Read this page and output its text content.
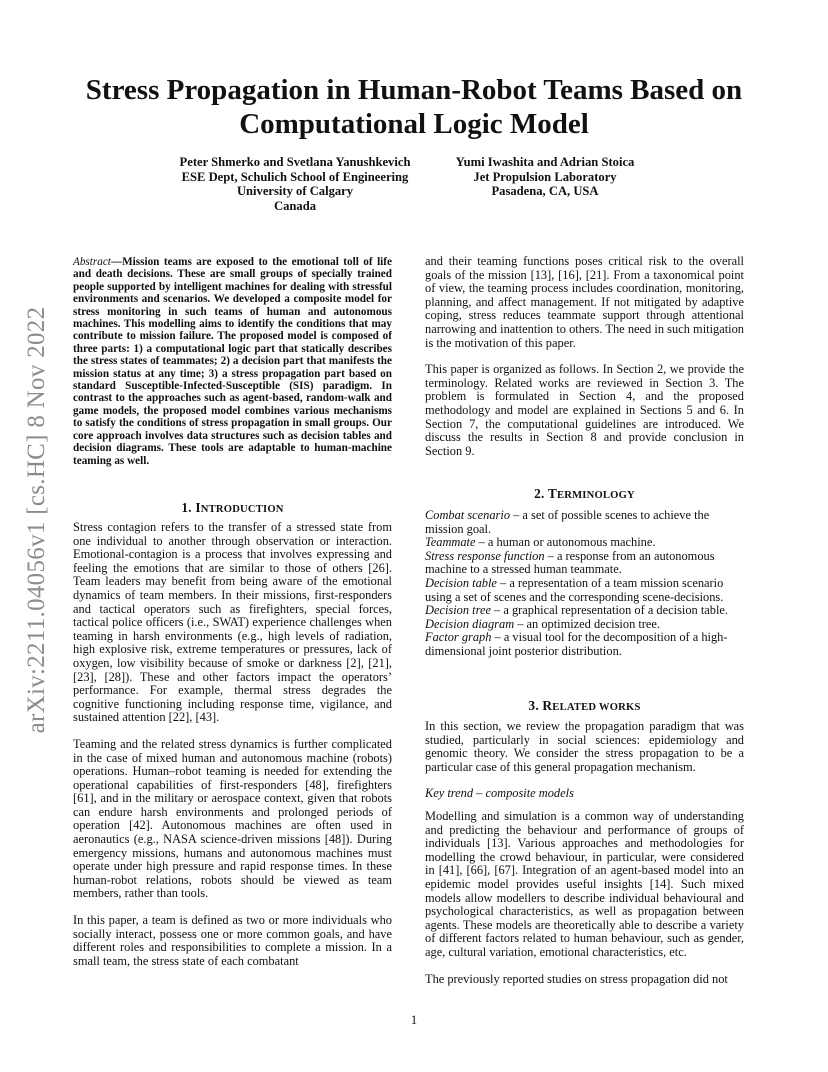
arXiv:2211.04056v1 [cs.HC] 8 Nov 2022
Stress Propagation in Human-Robot Teams Based on
Computational Logic Model
Peter Shmerko and Svetlana Yanushkevich
ESE Dept, Schulich School of Engineering
University of Calgary
Canada
Yumi Iwashita and Adrian Stoica
Jet Propulsion Laboratory
Pasadena, CA, USA

Abstract—Mission teams are exposed to the emotional toll of life and death decisions. These are small groups of specially trained people supported by intelligent machines for dealing with stressful environments and scenarios. We developed a composite model for stress monitoring in such teams of human and autonomous machines. This modelling aims to identify the conditions that may contribute to mission failure. The proposed model is composed of three parts: 1) a computational logic part that statically describes the stress states of teammates; 2) a decision part that manifests the mission status at any time; 3) a stress propagation part based on standard Susceptible-Infected-Susceptible (SIS) paradigm. In contrast to the approaches such as agent-based, random-walk and game models, the proposed model combines various mechanisms to satisfy the conditions of stress propagation in small groups. Our core approach involves data structures such as decision tables and decision diagrams. These tools are adaptable to human-machine teaming as well.

1. INTRODUCTION

Stress contagion refers to the transfer of a stressed state from one individual to another through observation or interaction. Emotional-contagion is a process that involves expressing and feeling the emotions that are similar to those of others [26]. Team leaders may benefit from being aware of the emotional dynamics of team members. In their missions, first-responders and tactical operators such as firefighters, special forces, tactical police officers (i.e., SWAT) experience challenges when teaming in harsh environments (e.g., high levels of radiation, high explosive risk, extreme temperatures or pressures, lack of oxygen, low visibility because of smoke or darkness [2], [21], [23], [28]). These and other factors impact the operators’ performance. For example, thermal stress degrades the cognitive functioning including response time, vigilance, and sustained attention [22], [43].

Teaming and the related stress dynamics is further complicated in the case of mixed human and autonomous machine (robots) operations. Human–robot teaming is needed for extending the operational capabilities of first-responders [48], firefighters [61], and in the military or aerospace context, given that robots can endure harsh environments and prolonged periods of operation [42]. Autonomous machines are often used in aeronautics (e.g., NASA science-driven missions [48]). During emergency missions, humans and autonomous machines must operate under high pressure and rapid response times. In these human-robot relations, robots should be viewed as team members, rather than tools.

In this paper, a team is defined as two or more individuals who socially interact, possess one or more common goals, and have different roles and responsibilities to complete a mission. In a small team, the stress state of each combatant

and their teaming functions poses critical risk to the overall goals of the mission [13], [16], [21]. From a taxonomical point of view, the teaming process includes coordination, monitoring, planning, and affect management. If not mitigated by adaptive coping, stress reduces teammate support through attentional narrowing and inattention to others. The need in such mitigation is the motivation of this paper.

This paper is organized as follows. In Section 2, we provide the terminology. Related works are reviewed in Section 3. The problem is formulated in Section 4, and the proposed methodology and model are explained in Sections 5 and 6. In Section 7, the computational guidelines are introduced. We discuss the results in Section 8 and provide conclusion in Section 9.

2. TERMINOLOGY

Combat scenario – a set of possible scenes to achieve the mission goal.

Teammate – a human or autonomous machine.

Stress response function – a response from an autonomous machine to a stressed human teammate.

Decision table – a representation of a team mission scenario using a set of scenes and the corresponding scene-decisions.

Decision tree – a graphical representation of a decision table.

Decision diagram – an optimized decision tree.

Factor graph – a visual tool for the decomposition of a high-dimensional joint posterior distribution.

3. RELATED WORKS

In this section, we review the propagation paradigm that was studied, particularly in social sciences: epidemiology and genomic theory. We consider the stress propagation to be a particular case of this general propagation mechanism.

Key trend – composite models

Modelling and simulation is a common way of understanding and predicting the behaviour and performance of groups of individuals [13]. Various approaches and methodologies for modelling the crowd behaviour, in particular, were considered in [41], [66], [67]. Integration of an agent-based model into an epidemic model provides useful insights [14]. Such mixed models allow modellers to describe individual behavioural and psychological characteristics, as well as propagation between agents. These models are theoretically able to describe a variety of different factors related to human behaviour, such as gender, age, cultural variation, emotional characteristics, etc.

The previously reported studies on stress propagation did not

1
